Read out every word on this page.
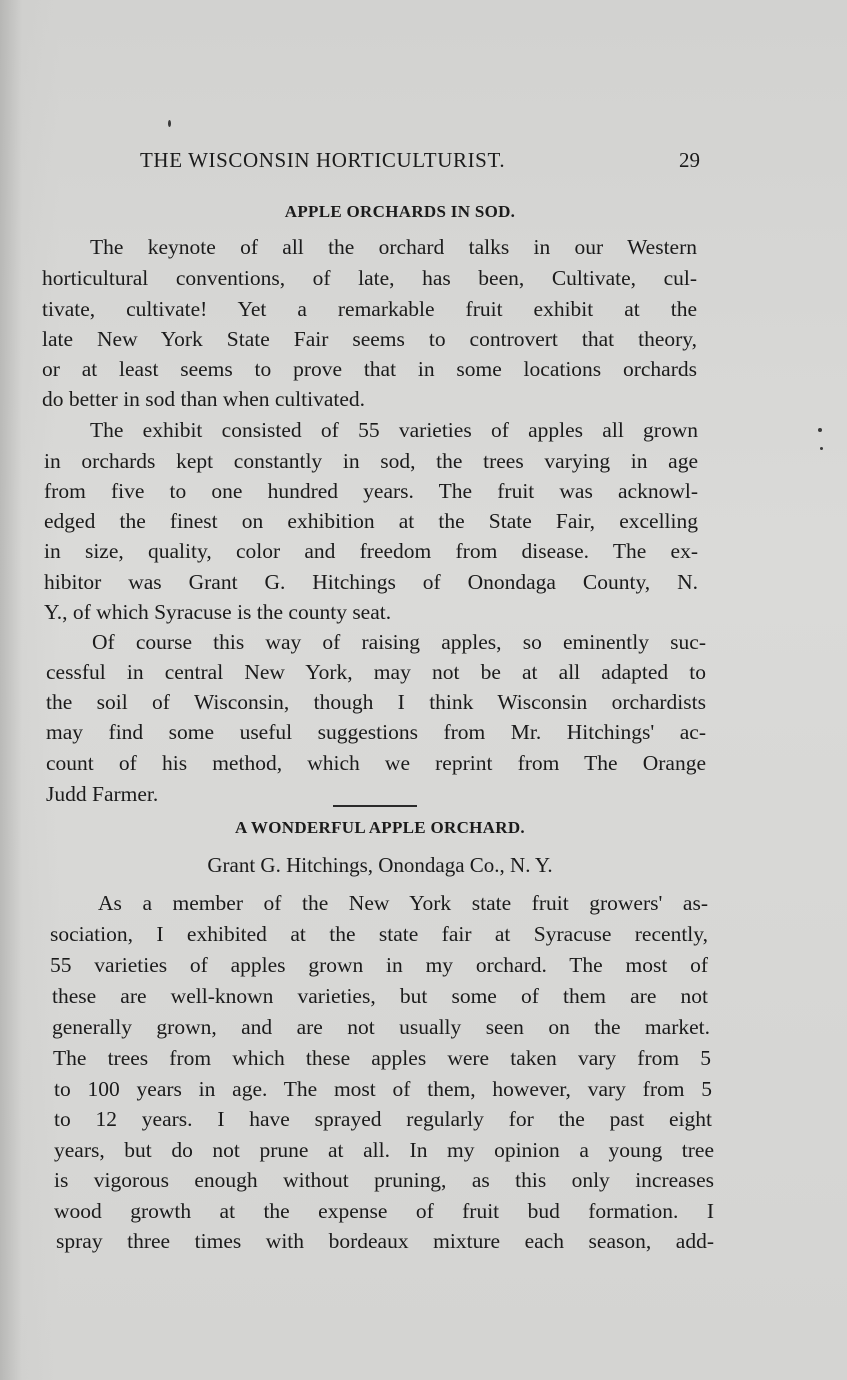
THE WISCONSIN HORTICULTURIST.	29
APPLE ORCHARDS IN SOD.
The keynote of all the orchard talks in our Western
horticultural conventions, of late, has been, Cultivate, cul-
tivate, cultivate! Yet a remarkable fruit exhibit at the
late New York State Fair seems to controvert that theory,
or at least seems to prove that in some locations orchards
do better in sod than when cultivated.
The exhibit consisted of 55 varieties of apples all grown
in orchards kept constantly in sod, the trees varying in age
from five to one hundred years. The fruit was acknowl-
edged the finest on exhibition at the State Fair, excelling
in size, quality, color and freedom from disease. The ex-
hibitor was Grant G. Hitchings of Onondaga County, N.
Y., of which Syracuse is the county seat.
Of course this way of raising apples, so eminently suc-
cessful in central New York, may not be at all adapted to
the soil of Wisconsin, though I think Wisconsin orchardists
may find some useful suggestions from Mr. Hitchings' ac-
count of his method, which we reprint from The Orange
Judd Farmer.
A WONDERFUL APPLE ORCHARD.
Grant G. Hitchings, Onondaga Co., N. Y.
As a member of the New York state fruit growers' as-
sociation, I exhibited at the state fair at Syracuse recently,
55 varieties of apples grown in my orchard. The most of
these are well-known varieties, but some of them are not
generally grown, and are not usually seen on the market.
The trees from which these apples were taken vary from 5
to 100 years in age. The most of them, however, vary from 5
to 12 years. I have sprayed regularly for the past eight
years, but do not prune at all. In my opinion a young tree
is vigorous enough without pruning, as this only increases
wood growth at the expense of fruit bud formation. I
spray three times with bordeaux mixture each season, add-
